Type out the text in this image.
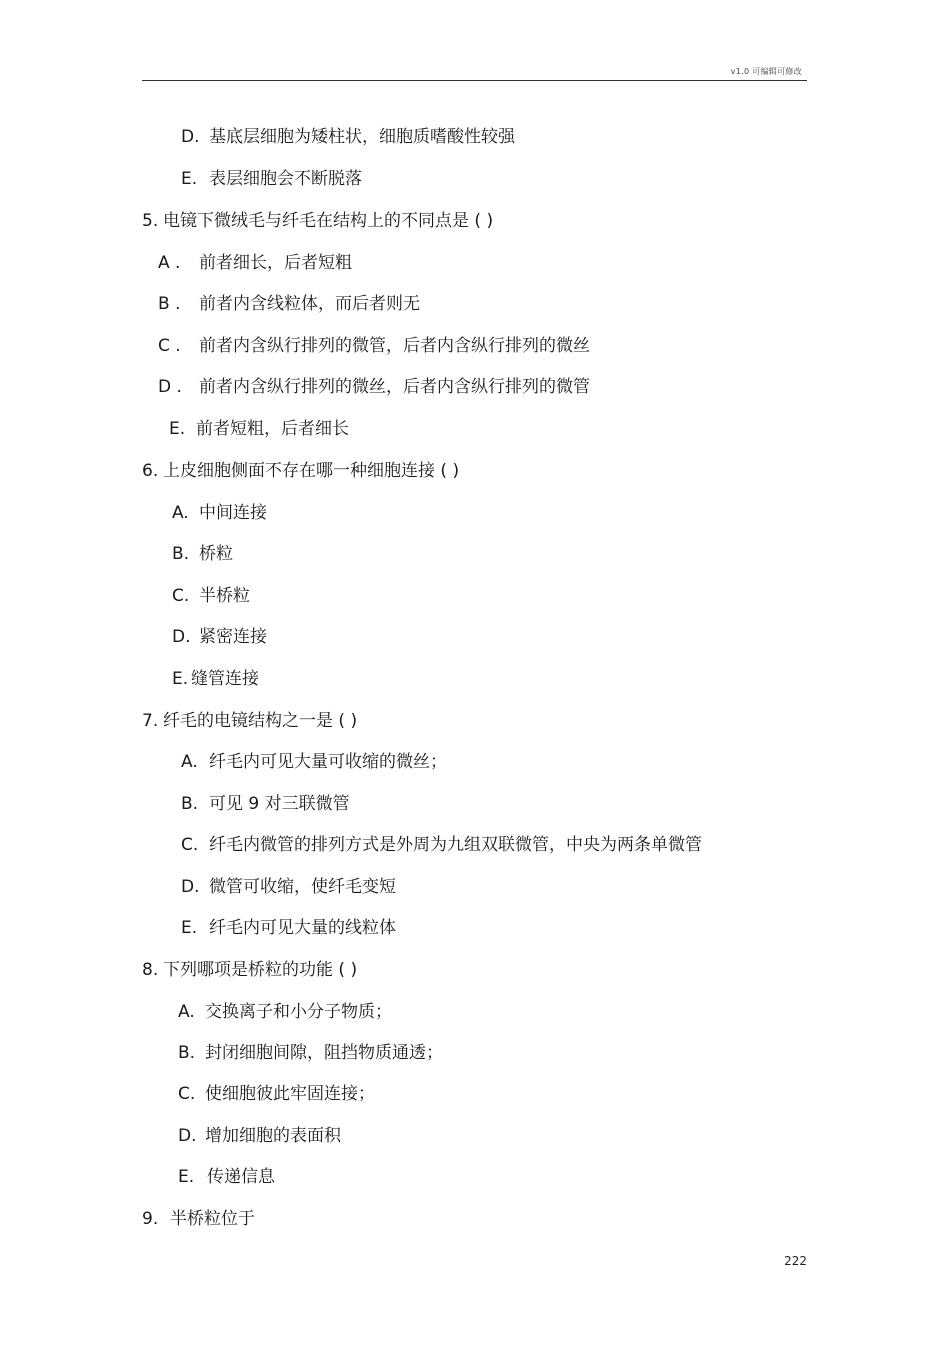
v1.0 可编辑可修改
D. 基底层细胞为矮柱状，细胞质嗜酸性较强
E. 表层细胞会不断脱落
5. 电镜下微绒毛与纤毛在结构上的不同点是 ( )
A . 前者细长，后者短粗
B . 前者内含线粒体，而后者则无
C . 前者内含纵行排列的微管，后者内含纵行排列的微丝
D . 前者内含纵行排列的微丝，后者内含纵行排列的微管
E. 前者短粗，后者细长
6. 上皮细胞侧面不存在哪一种细胞连接 ( )
A. 中间连接
B. 桥粒
C. 半桥粒
D. 紧密连接
E. 缝管连接
7. 纤毛的电镜结构之一是 ( )
A. 纤毛内可见大量可收缩的微丝；
B. 可见 9 对三联微管
C. 纤毛内微管的排列方式是外周为九组双联微管，中央为两条单微管
D. 微管可收缩，使纤毛变短
E. 纤毛内可见大量的线粒体
8. 下列哪项是桥粒的功能 ( )
A. 交换离子和小分子物质；
B. 封闭细胞间隙，阻挡物质通透；
C. 使细胞彼此牢固连接；
D. 增加细胞的表面积
E. 传递信息
9. 半桥粒位于
222
